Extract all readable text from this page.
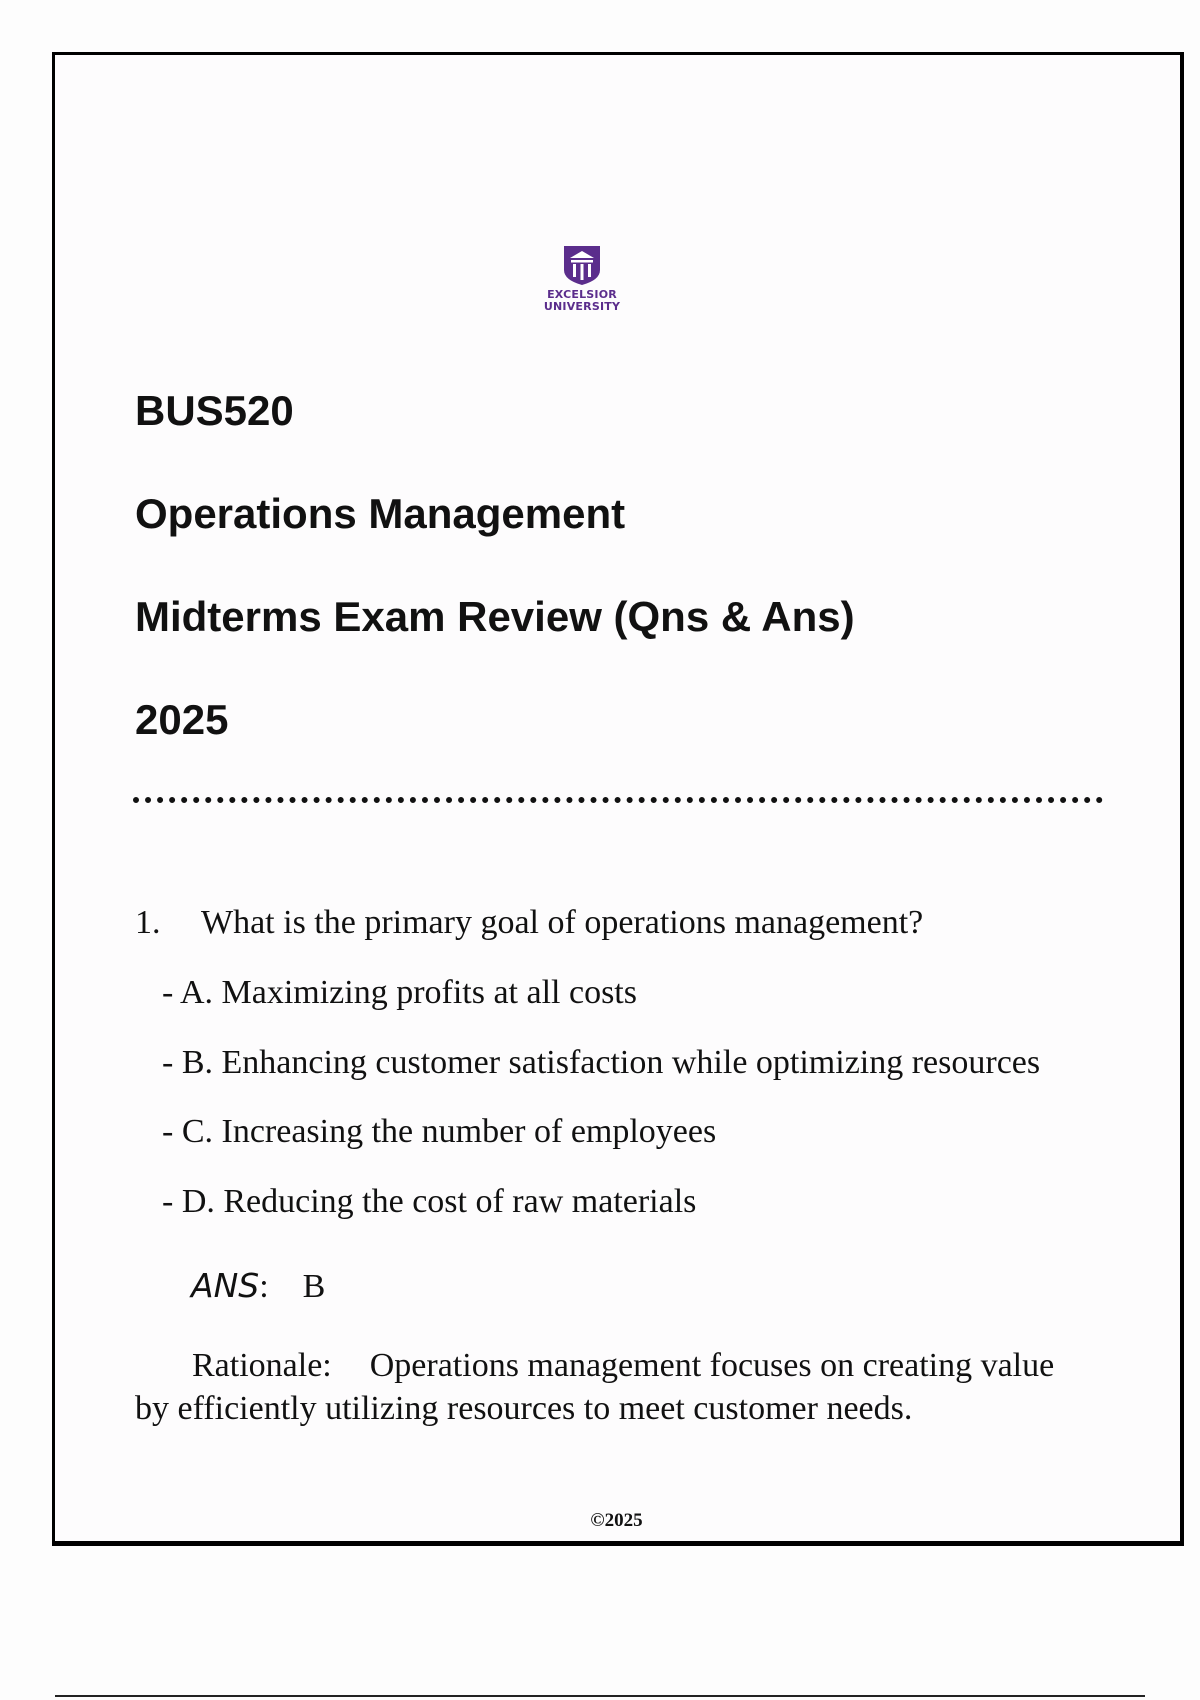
EXCELSIOR
UNIVERSITY
BUS520
Operations Management
Midterms Exam Review (Qns & Ans)
2025
1. What is the primary goal of operations management?
- A. Maximizing profits at all costs
- B. Enhancing customer satisfaction while optimizing resources
- C. Increasing the number of employees
- D. Reducing the cost of raw materials
ANS: B

Rationale: Operations management focuses on creating value by efficiently utilizing resources to meet customer needs.

©2025
